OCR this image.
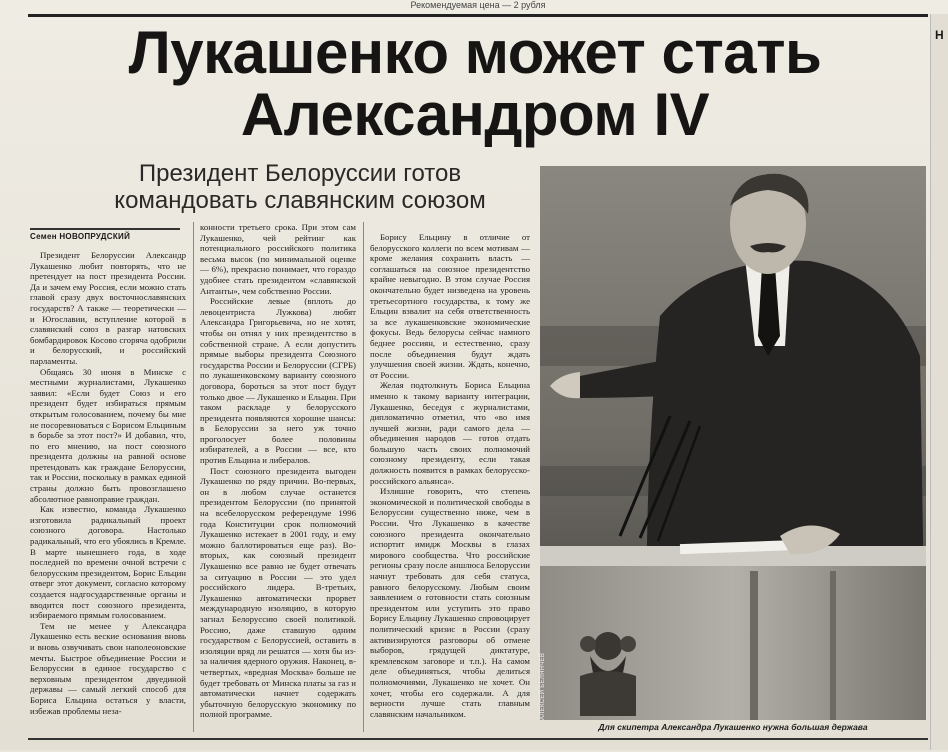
Рекомендуемая цена — 2 рубля
Н
Лукашенко может стать
Александром IV
Президент Белоруссии готов
командовать славянским союзом
Семен НОВОПРУДСКИЙ

Президент Белоруссии Александр Лукашенко любит повторять, что не претендует на пост президента России. Да и зачем ему Россия, если можно стать главой сразу двух восточнославянских государств? А также — теоретически — и Югославии, вступление которой в славянский союз в разгар натовских бомбардировок Косово сгоряча одобрили и белорусский, и российский парламенты.

Общаясь 30 июня в Минске с местными журналистами, Лукашенко заявил: «Если будет Союз и его президент будет избираться прямым открытым голосованием, почему бы мне не посоревноваться с Борисом Ельциным в борьбе за этот пост?» И добавил, что, по его мнению, на пост союзного президента должны на равной основе претендовать как граждане Белоруссии, так и России, поскольку в рамках единой страны должно быть провозглашено абсолютное равноправие граждан.

Как известно, команда Лукашенко изготовила радикальный проект союзного договора. Настолько радикальный, что его убоялись в Кремле. В марте нынешнего года, в ходе последней по времени очной встречи с белорусским президентом, Борис Ельцин отверг этот документ, согласно которому создается надгосударственные органы и вводится пост союзного президента, избираемого прямым голосованием.

Тем не менее у Александра Лукашенко есть веские основания вновь и вновь озвучивать свои наполеоновские мечты. Быстрое объединение России и Белоруссии в единое государство с верховным президентом двуединой державы — самый легкий способ для Бориса Ельцина остаться у власти, избежав проблемы неза-

конности третьего срока. При этом сам Лукашенко, чей рейтинг как потенциального российского политика весьма высок (по минимальной оценке — 6%), прекрасно понимает, что гораздо удобнее стать президентом «славянской Антанты», чем собственно России.

Российские левые (вплоть до левоцентриста Лужкова) любят Александра Григорьевича, но не хотят, чтобы он отнял у них президентство в собственной стране. А если допустить прямые выборы президента Союзного государства России и Белоруссии (СГРБ) по лукашенковскому варианту союзного договора, бороться за этот пост будут только двое — Лукашенко и Ельцин. При таком раскладе у белорусского президента появляются хорошие шансы: в Белоруссии за него уж точно проголосует более половины избирателей, а в России — все, кто против Ельцина и либералов.

Пост союзного президента выгоден Лукашенко по ряду причин. Во-первых, он в любом случае останется президентом Белоруссии (по принятой на всебелорусском референдуме 1996 года Конституции срок полномочий Лукашенко истекает в 2001 году, и ему можно баллотироваться еще раз). Во-вторых, как союзный президент Лукашенко все равно не будет отвечать за ситуацию в России — это удел российского лидера. В-третьих, Лукашенко автоматически прорвет международную изоляцию, в которую загнал Белоруссию своей политикой. Россию, даже ставшую одним государством с Белоруссией, оставить в изоляции вряд ли решатся — хотя бы из-за наличия ядерного оружия. Наконец, в-четвертых, «вредная Москва» больше не будет требовать от Минска платы за газ и автоматически начнет содержать убыточную белорусскую экономику по полной программе.

Борису Ельцину в отличие от белорусского коллеги по всем мотивам — кроме желания сохранить власть — соглашаться на союзное президентство крайне невыгодно. В этом случае Россия окончательно будет низведена на уровень третьесортного государства, к тому же Ельцин взвалит на себя ответственность за все лукашенковские экономические фокусы. Ведь белорусы сейчас намного беднее россиян, и естественно, сразу после объединения будут ждать улучшения своей жизни. Ждать, конечно, от России.

Желая подтолкнуть Бориса Ельцина именно к такому варианту интеграции, Лукашенко, беседуя с журналистами, дипломатично отметил, что «во имя лучшей жизни, ради самого дела — объединения народов — готов отдать большую часть своих полномочий союзному президенту, если такая должность появится в рамках белорусско-российского альянса».

Излишне говорить, что степень экономической и политической свободы в Белоруссии существенно ниже, чем в России. Что Лукашенко в качестве союзного президента окончательно испортит имидж Москвы в глазах мирового сообщества. Что российские регионы сразу после аншлюса Белоруссии начнут требовать для себя статуса, равного белорусскому. Любым своим заявлением о готовности стать союзным президентом или уступить это право Борису Ельцину Лукашенко спровоцирует политический кризис в России (сразу активизируются разговоры об отмене выборов, грядущей диктатуре, кремлевском заговоре и т.п.). На самом деле объединяться, чтобы делиться полномочиями, Лукашенко не хочет. Он хочет, чтобы его содержали. А для верности лучше стать главным славянским начальником.	АЛЕКСЕЙ БЕЛЯНЧЕВ
Для скипетра Александра Лукашенко нужна большая держава
